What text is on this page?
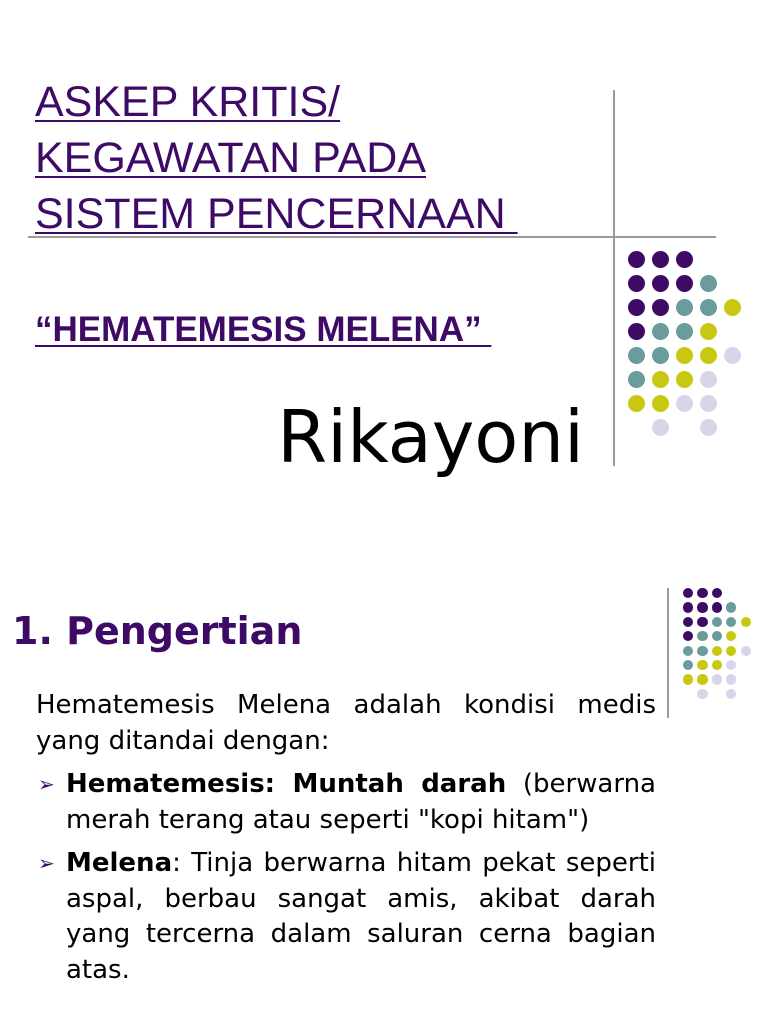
ASKEP KRITIS/
KEGAWATAN PADA
SISTEM PENCERNAAN
“HEMATEMESIS MELENA”
Rikayoni
1. Pengertian

Hematemesis Melena adalah kondisi medis yang ditandai dengan:

➢ Hematemesis: Muntah darah (berwarna merah terang atau seperti "kopi hitam")
➢ Melena: Tinja berwarna hitam pekat seperti aspal, berbau sangat amis, akibat darah yang tercerna dalam saluran cerna bagian atas.
